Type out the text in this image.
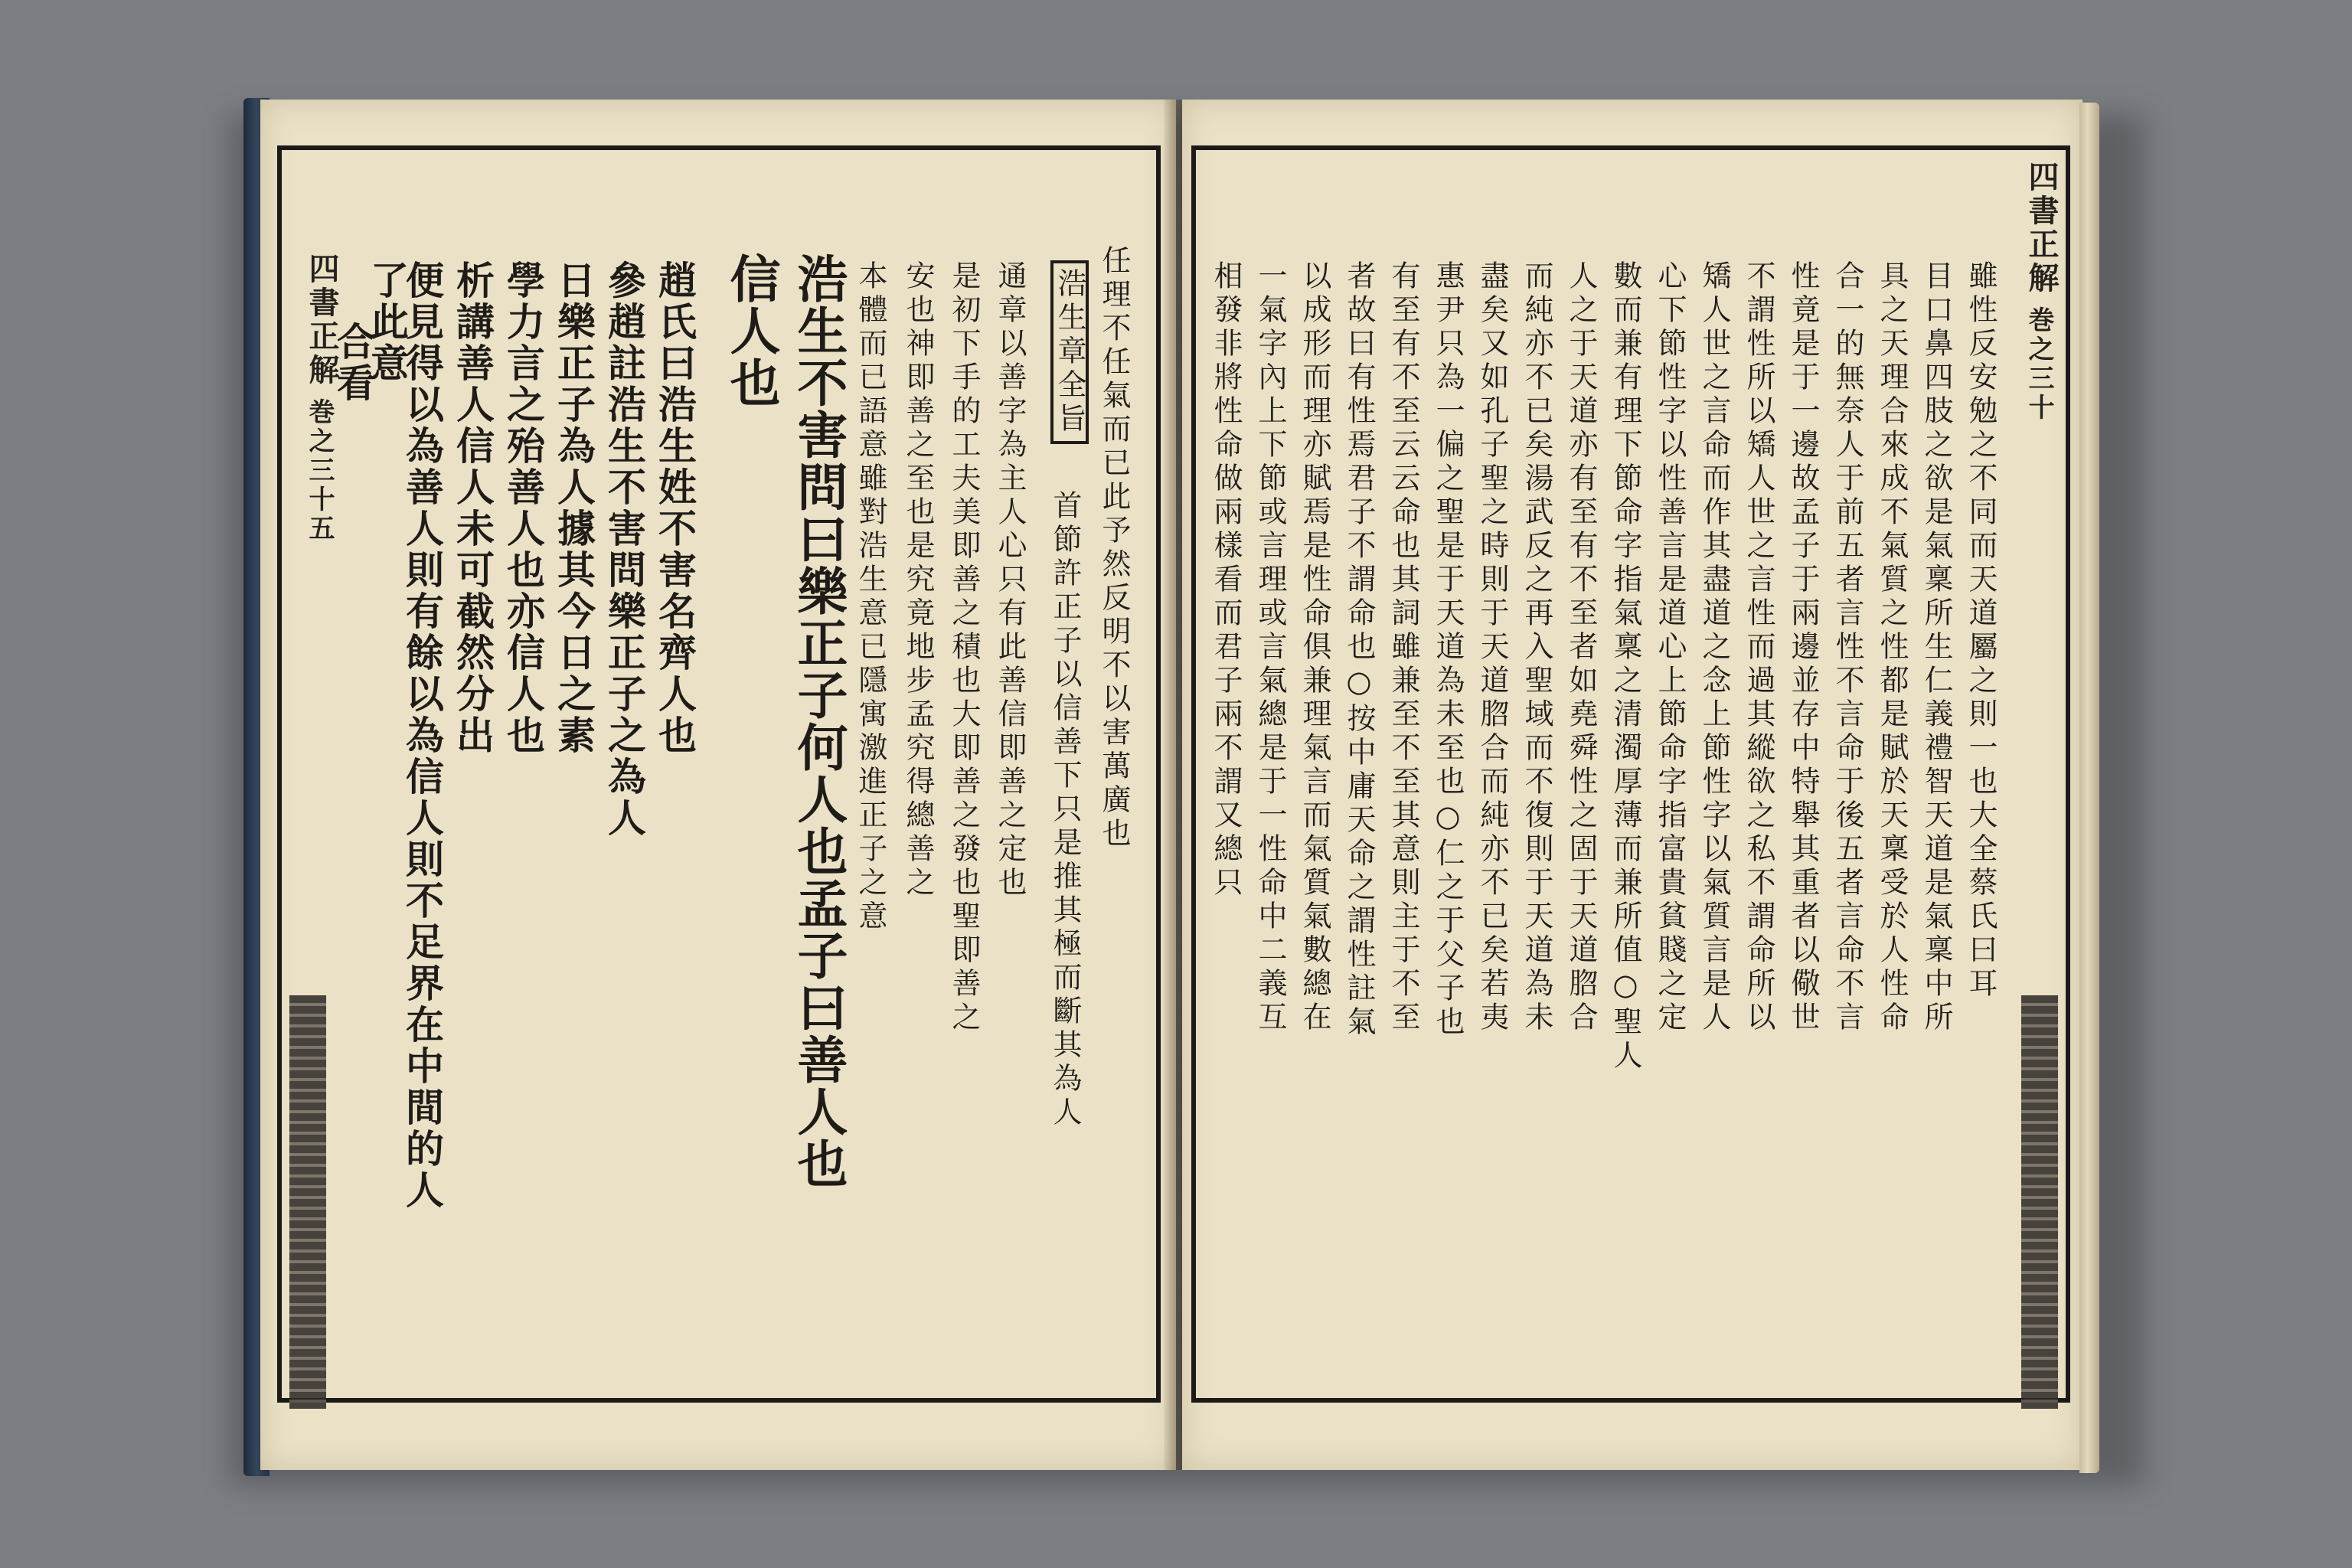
四書正解
巻之三十五	任理不任氣而已此予然反明不以害萬廣也
浩生章全旨
首節許正子以信善下只是推其極而斷其為人
通章以善字為主人心只有此善信即善之定也
是初下手的工夫美即善之積也大即善之發也聖即善之
安也神即善之至也是究竟地步孟究得總善之
本體而已語意雖對浩生意已隱寓激進正子之意
浩生不害問曰樂正子何人也孟子曰善人也
信人也
趙氏曰浩生姓不害名齊人也
參趙註浩生不害問樂正子之為人
日樂正子為人據其今日之素
學力言之殆善人也亦信人也
析講善人信人未可截然分出
便見得以為善人則有餘以為信人則不足界在中間的人
了此意
合看
四書正解
巻之三十
雖性反安勉之不同而天道屬之則一也大全蔡氏曰耳
目口鼻四肢之欲是氣稟所生仁義禮智天道是氣稟中所
具之天理合來成不氣質之性都是賦於天稟受於人性命
合一的無奈人于前五者言性不言命于後五者言命不言
性竟是于一邊故孟子于兩邊並存中特舉其重者以儆世
不謂性所以矯人世之言性而過其縱欲之私不謂命所以
矯人世之言命而作其盡道之念上節性字以氣質言是人
心下節性字以性善言是道心上節命字指富貴貧賤之定
數而兼有理下節命字指氣稟之清濁厚薄而兼所值○聖人
人之于天道亦有至有不至者如堯舜性之固于天道脗合
而純亦不已矣湯武反之再入聖域而不復則于天道為未
盡矣又如孔子聖之時則于天道脗合而純亦不已矣若夷
惠尹只為一偏之聖是于天道為未至也○仁之于父子也
有至有不至云云命也其詞雖兼至不至其意則主于不至
者故曰有性焉君子不謂命也○按中庸天命之謂性註氣
以成形而理亦賦焉是性命俱兼理氣言而氣質氣數總在
一氣字內上下節或言理或言氣總是于一性命中二義互
相發非將性命做兩樣看而君子兩不謂又總只
